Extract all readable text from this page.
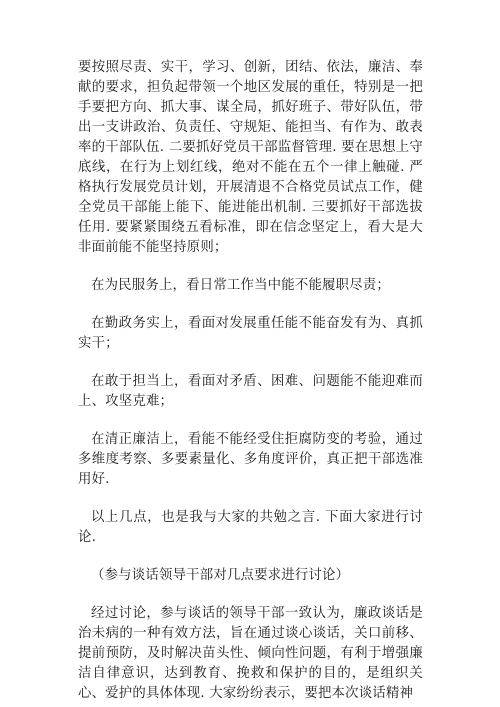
要按照尽责、实干，学习、创新，团结、依法，廉洁、奉献的要求，担负起带领一个地区发展的重任，特别是一把手要把方向、抓大事、谋全局，抓好班子、带好队伍，带出一支讲政治、负责任、守规矩、能担当、有作为、敢表率的干部队伍. 二要抓好党员干部监督管理. 要在思想上守底线，在行为上划红线，绝对不能在五个一律上触碰. 严格执行发展党员计划，开展清退不合格党员试点工作，健全党员干部能上能下、能进能出机制. 三要抓好干部选拔任用. 要紧紧围绕五看标准，即在信念坚定上，看大是大非面前能不能坚持原则；

在为民服务上，看日常工作当中能不能履职尽责；

在勤政务实上，看面对发展重任能不能奋发有为、真抓实干；

在敢于担当上，看面对矛盾、困难、问题能不能迎难而上、攻坚克难；

在清正廉洁上，看能不能经受住拒腐防变的考验，通过多维度考察、多要素量化、多角度评价，真正把干部选准用好.

以上几点，也是我与大家的共勉之言. 下面大家进行讨论.

（参与谈话领导干部对几点要求进行讨论）

经过讨论，参与谈话的领导干部一致认为，廉政谈话是治未病的一种有效方法，旨在通过谈心谈话，关口前移、提前预防，及时解决苗头性、倾向性问题，有利于增强廉洁自律意识，达到教育、挽救和保护的目的，是组织关心、爱护的具体体现. 大家纷纷表示，要把本次谈话精神
